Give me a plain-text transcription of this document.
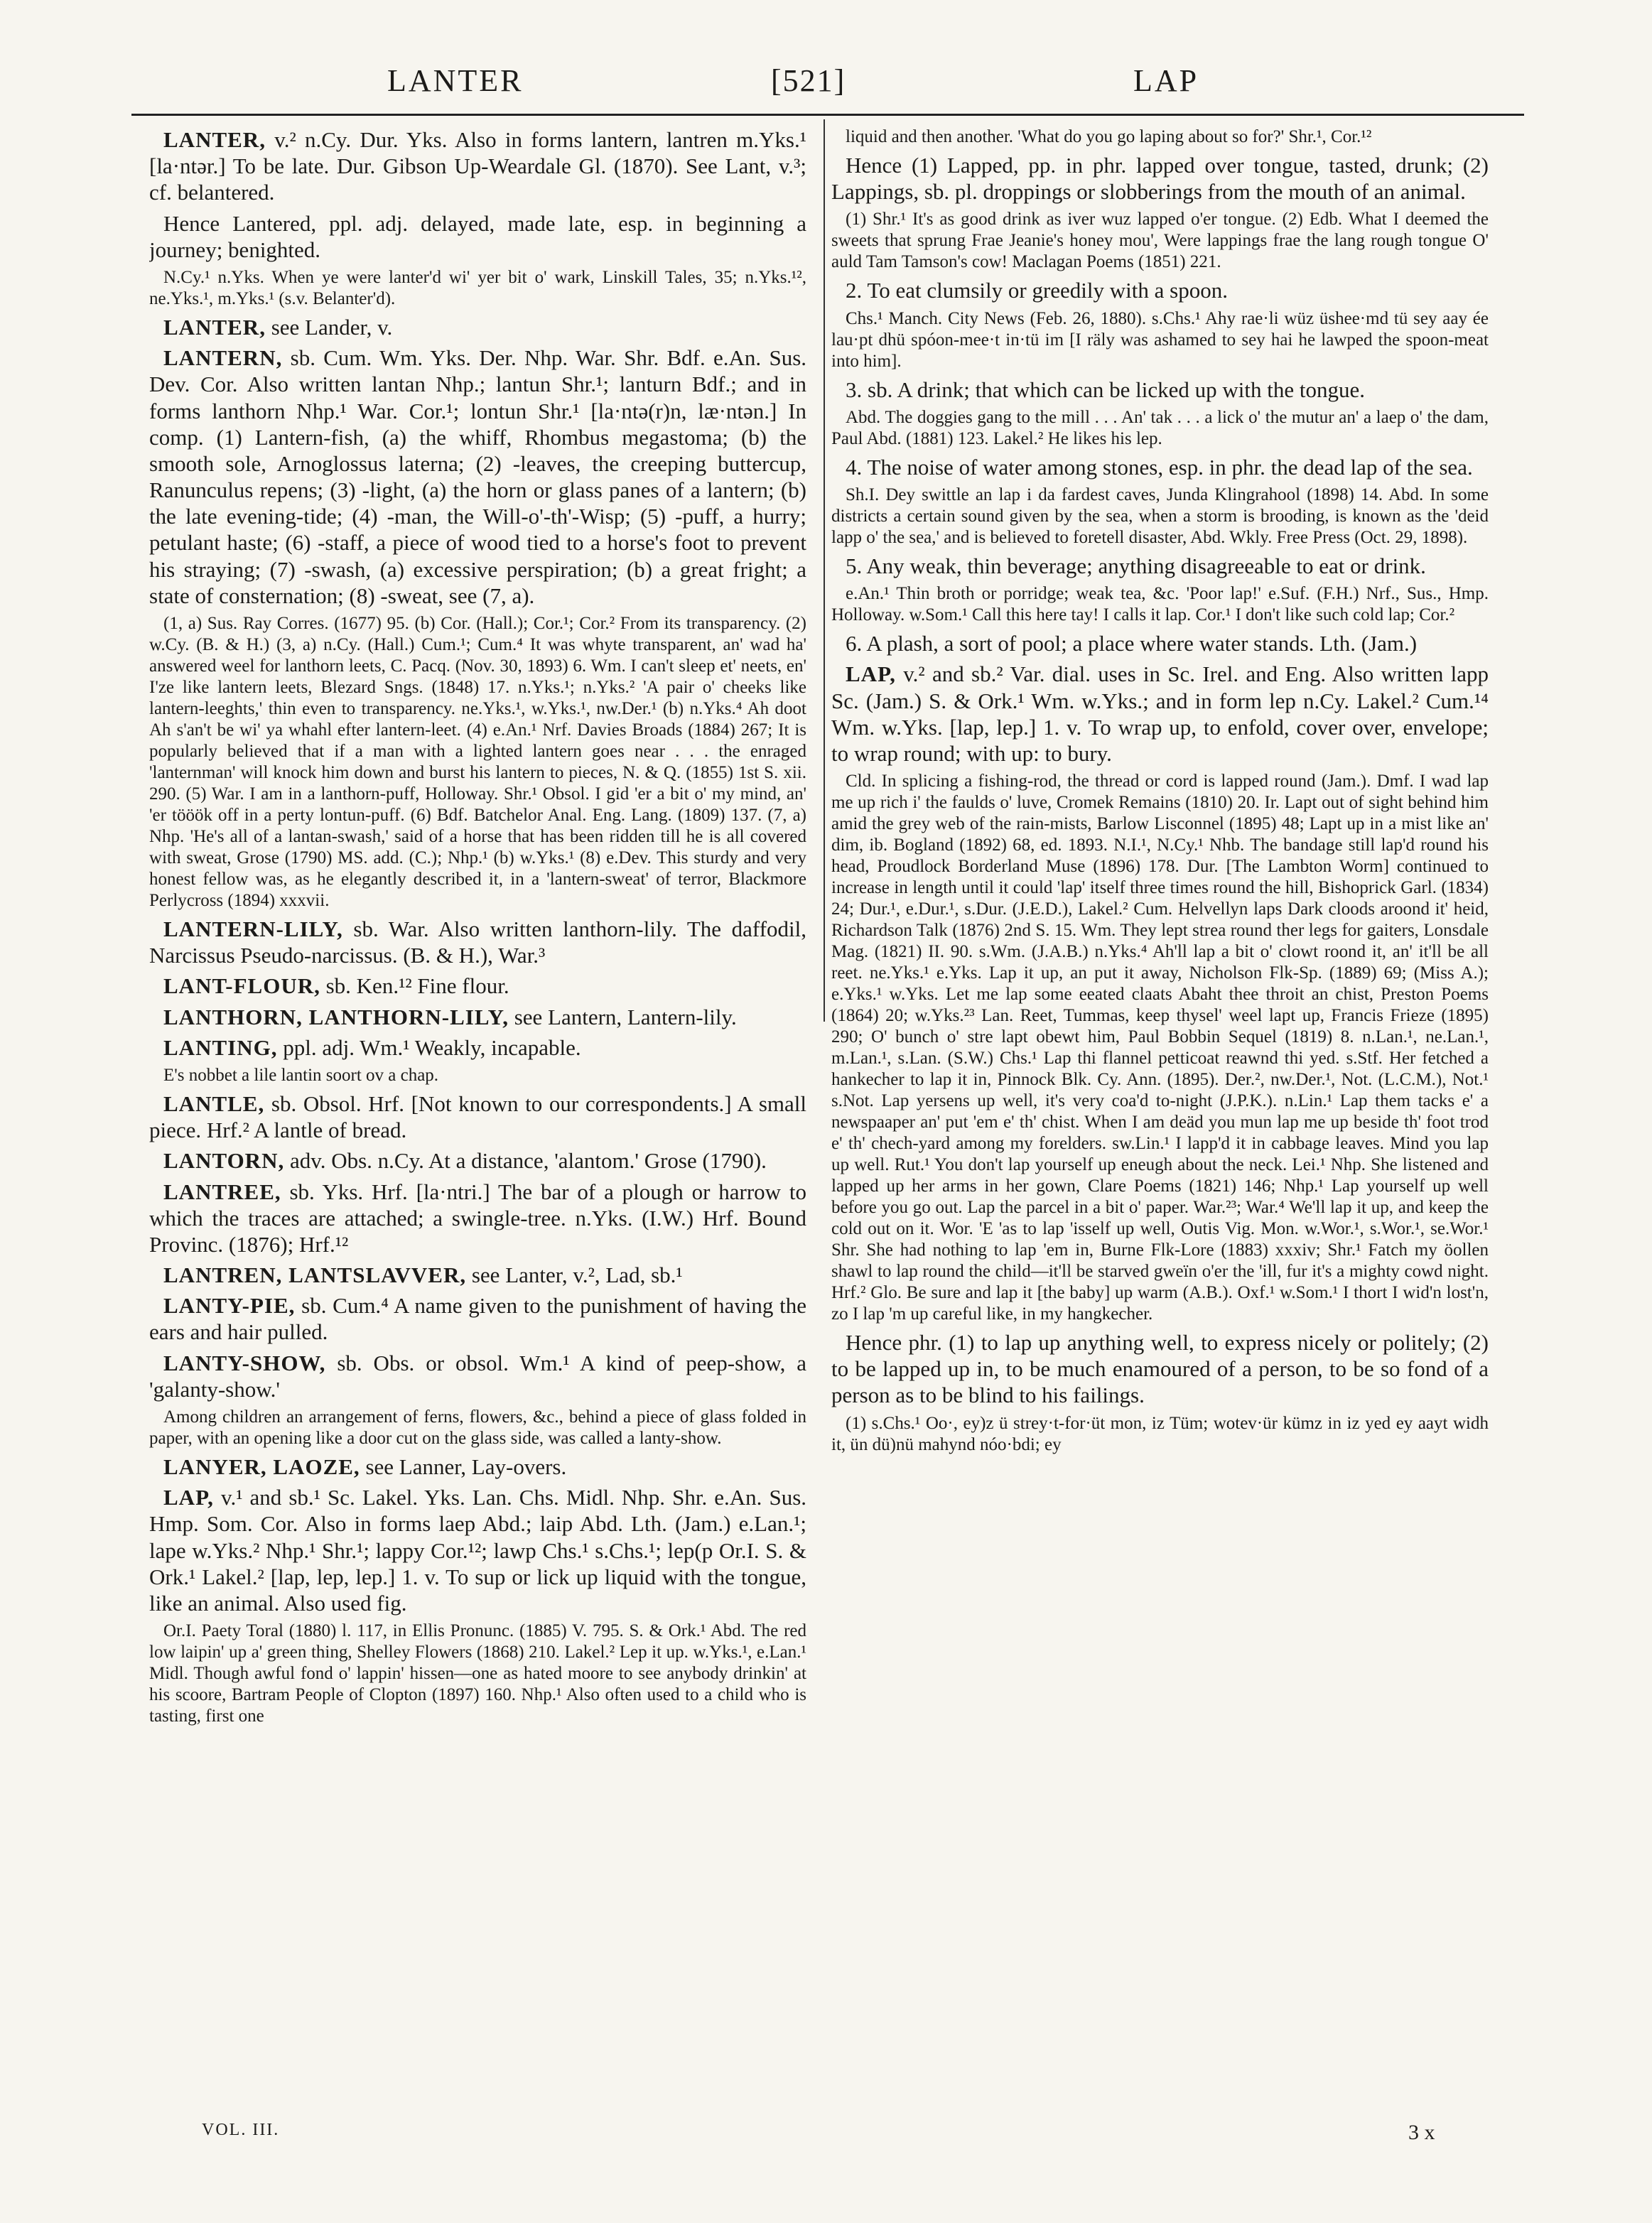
LANTER	[521]	LAP

LANTER, v.² n.Cy. Dur. Yks. Also in forms lantern, lantren m.Yks.¹ [la·ntər.] To be late. Dur. Gibson Up-Weardale Gl. (1870). See Lant, v.³; cf. belantered.

Hence Lantered, ppl. adj. delayed, made late, esp. in beginning a journey; benighted.

N.Cy.¹ n.Yks. When ye were lanter'd wi' yer bit o' wark, Linskill Tales, 35; n.Yks.¹², ne.Yks.¹, m.Yks.¹ (s.v. Belanter'd).

LANTER, see Lander, v.

LANTERN, sb. Cum. Wm. Yks. Der. Nhp. War. Shr. Bdf. e.An. Sus. Dev. Cor. Also written lantan Nhp.; lantun Shr.¹; lanturn Bdf.; and in forms lanthorn Nhp.¹ War. Cor.¹; lontun Shr.¹ [la·ntə(r)n, læ·ntən.] In comp. (1) Lantern-fish, (a) the whiff, Rhombus megastoma; (b) the smooth sole, Arnoglossus laterna; (2) -leaves, the creeping buttercup, Ranunculus repens; (3) -light, (a) the horn or glass panes of a lantern; (b) the late evening-tide; (4) -man, the Will-o'-th'-Wisp; (5) -puff, a hurry; petulant haste; (6) -staff, a piece of wood tied to a horse's foot to prevent his straying; (7) -swash, (a) excessive perspiration; (b) a great fright; a state of consternation; (8) -sweat, see (7, a).

(1, a) Sus. Ray Corres. (1677) 95. (b) Cor. (Hall.); Cor.¹; Cor.² From its transparency. (2) w.Cy. (B. & H.) (3, a) n.Cy. (Hall.) Cum.¹; Cum.⁴ It was whyte transparent, an' wad ha' answered weel for lanthorn leets, C. Pacq. (Nov. 30, 1893) 6. Wm. I can't sleep et' neets, en' I'ze like lantern leets, Blezard Sngs. (1848) 17. n.Yks.¹; n.Yks.² 'A pair o' cheeks like lantern-leeghts,' thin even to transparency. ne.Yks.¹, w.Yks.¹, nw.Der.¹ (b) n.Yks.⁴ Ah doot Ah s'an't be wi' ya whahl efter lantern-leet. (4) e.An.¹ Nrf. Davies Broads (1884) 267; It is popularly believed that if a man with a lighted lantern goes near . . . the enraged 'lanternman' will knock him down and burst his lantern to pieces, N. & Q. (1855) 1st S. xii. 290. (5) War. I am in a lanthorn-puff, Holloway. Shr.¹ Obsol. I gid 'er a bit o' my mind, an' 'er tööök off in a perty lontun-puff. (6) Bdf. Batchelor Anal. Eng. Lang. (1809) 137. (7, a) Nhp. 'He's all of a lantan-swash,' said of a horse that has been ridden till he is all covered with sweat, Grose (1790) MS. add. (C.); Nhp.¹ (b) w.Yks.¹ (8) e.Dev. This sturdy and very honest fellow was, as he elegantly described it, in a 'lantern-sweat' of terror, Blackmore Perlycross (1894) xxxvii.

LANTERN-LILY, sb. War. Also written lanthorn-lily. The daffodil, Narcissus Pseudo-narcissus. (B. & H.), War.³

LANT-FLOUR, sb. Ken.¹² Fine flour.

LANTHORN, LANTHORN-LILY, see Lantern, Lantern-lily.

LANTING, ppl. adj. Wm.¹ Weakly, incapable.

E's nobbet a lile lantin soort ov a chap.

LANTLE, sb. Obsol. Hrf. [Not known to our correspondents.] A small piece. Hrf.² A lantle of bread.

LANTORN, adv. Obs. n.Cy. At a distance, 'alantom.' Grose (1790).

LANTREE, sb. Yks. Hrf. [la·ntri.] The bar of a plough or harrow to which the traces are attached; a swingle-tree. n.Yks. (I.W.) Hrf. Bound Provinc. (1876); Hrf.¹²

LANTREN, LANTSLAVVER, see Lanter, v.², Lad, sb.¹

LANTY-PIE, sb. Cum.⁴ A name given to the punishment of having the ears and hair pulled.

LANTY-SHOW, sb. Obs. or obsol. Wm.¹ A kind of peep-show, a 'galanty-show.'

Among children an arrangement of ferns, flowers, &c., behind a piece of glass folded in paper, with an opening like a door cut on the glass side, was called a lanty-show.

LANYER, LAOZE, see Lanner, Lay-overs.

LAP, v.¹ and sb.¹ Sc. Lakel. Yks. Lan. Chs. Midl. Nhp. Shr. e.An. Sus. Hmp. Som. Cor. Also in forms laep Abd.; laip Abd. Lth. (Jam.) e.Lan.¹; lape w.Yks.² Nhp.¹ Shr.¹; lappy Cor.¹²; lawp Chs.¹ s.Chs.¹; lep(p Or.I. S. & Ork.¹ Lakel.² [lap, lep, lep.] 1. v. To sup or lick up liquid with the tongue, like an animal. Also used fig.

Or.I. Paety Toral (1880) l. 117, in Ellis Pronunc. (1885) V. 795. S. & Ork.¹ Abd. The red low laipin' up a' green thing, Shelley Flowers (1868) 210. Lakel.² Lep it up. w.Yks.¹, e.Lan.¹ Midl. Though awful fond o' lappin' hissen—one as hated moore to see anybody drinkin' at his scoore, Bartram People of Clopton (1897) 160. Nhp.¹ Also often used to a child who is tasting, first one

liquid and then another. 'What do you go laping about so for?' Shr.¹, Cor.¹²

Hence (1) Lapped, pp. in phr. lapped over tongue, tasted, drunk; (2) Lappings, sb. pl. droppings or slobberings from the mouth of an animal.

(1) Shr.¹ It's as good drink as iver wuz lapped o'er tongue. (2) Edb. What I deemed the sweets that sprung Frae Jeanie's honey mou', Were lappings frae the lang rough tongue O' auld Tam Tamson's cow! Maclagan Poems (1851) 221.

2. To eat clumsily or greedily with a spoon.

Chs.¹ Manch. City News (Feb. 26, 1880). s.Chs.¹ Ahy rae·li wüz üshee·md tü sey aay ée lau·pt dhü spóon-mee·t in·tü im [I räly was ashamed to sey hai he lawped the spoon-meat into him].

3. sb. A drink; that which can be licked up with the tongue.

Abd. The doggies gang to the mill . . . An' tak . . . a lick o' the mutur an' a laep o' the dam, Paul Abd. (1881) 123. Lakel.² He likes his lep.

4. The noise of water among stones, esp. in phr. the dead lap of the sea.

Sh.I. Dey swittle an lap i da fardest caves, Junda Klingrahool (1898) 14. Abd. In some districts a certain sound given by the sea, when a storm is brooding, is known as the 'deid lapp o' the sea,' and is believed to foretell disaster, Abd. Wkly. Free Press (Oct. 29, 1898).

5. Any weak, thin beverage; anything disagreeable to eat or drink.

e.An.¹ Thin broth or porridge; weak tea, &c. 'Poor lap!' e.Suf. (F.H.) Nrf., Sus., Hmp. Holloway. w.Som.¹ Call this here tay! I calls it lap. Cor.¹ I don't like such cold lap; Cor.²

6. A plash, a sort of pool; a place where water stands. Lth. (Jam.)

LAP, v.² and sb.² Var. dial. uses in Sc. Irel. and Eng. Also written lapp Sc. (Jam.) S. & Ork.¹ Wm. w.Yks.; and in form lep n.Cy. Lakel.² Cum.¹⁴ Wm. w.Yks. [lap, lep.] 1. v. To wrap up, to enfold, cover over, envelope; to wrap round; with up: to bury.

Cld. In splicing a fishing-rod, the thread or cord is lapped round (Jam.). Dmf. I wad lap me up rich i' the faulds o' luve, Cromek Remains (1810) 20. Ir. Lapt out of sight behind him amid the grey web of the rain-mists, Barlow Lisconnel (1895) 48; Lapt up in a mist like an' dim, ib. Bogland (1892) 68, ed. 1893. N.I.¹, N.Cy.¹ Nhb. The bandage still lap'd round his head, Proudlock Borderland Muse (1896) 178. Dur. [The Lambton Worm] continued to increase in length until it could 'lap' itself three times round the hill, Bishoprick Garl. (1834) 24; Dur.¹, e.Dur.¹, s.Dur. (J.E.D.), Lakel.² Cum. Helvellyn laps Dark cloods aroond it' heid, Richardson Talk (1876) 2nd S. 15. Wm. They lept strea round ther legs for gaiters, Lonsdale Mag. (1821) II. 90. s.Wm. (J.A.B.) n.Yks.⁴ Ah'll lap a bit o' clowt roond it, an' it'll be all reet. ne.Yks.¹ e.Yks. Lap it up, an put it away, Nicholson Flk-Sp. (1889) 69; (Miss A.); e.Yks.¹ w.Yks. Let me lap some eeated claats Abaht thee throit an chist, Preston Poems (1864) 20; w.Yks.²³ Lan. Reet, Tummas, keep thysel' weel lapt up, Francis Frieze (1895) 290; O' bunch o' stre lapt obewt him, Paul Bobbin Sequel (1819) 8. n.Lan.¹, ne.Lan.¹, m.Lan.¹, s.Lan. (S.W.) Chs.¹ Lap thi flannel petticoat reawnd thi yed. s.Stf. Her fetched a hankecher to lap it in, Pinnock Blk. Cy. Ann. (1895). Der.², nw.Der.¹, Not. (L.C.M.), Not.¹ s.Not. Lap yersens up well, it's very coa'd to-night (J.P.K.). n.Lin.¹ Lap them tacks e' a newspaaper an' put 'em e' th' chist. When I am deäd you mun lap me up beside th' foot trod e' th' chech-yard among my forelders. sw.Lin.¹ I lapp'd it in cabbage leaves. Mind you lap up well. Rut.¹ You don't lap yourself up eneugh about the neck. Lei.¹ Nhp. She listened and lapped up her arms in her gown, Clare Poems (1821) 146; Nhp.¹ Lap yourself up well before you go out. Lap the parcel in a bit o' paper. War.²³; War.⁴ We'll lap it up, and keep the cold out on it. Wor. 'E 'as to lap 'isself up well, Outis Vig. Mon. w.Wor.¹, s.Wor.¹, se.Wor.¹ Shr. She had nothing to lap 'em in, Burne Flk-Lore (1883) xxxiv; Shr.¹ Fatch my öollen shawl to lap round the child—it'll be starved gweïn o'er the 'ill, fur it's a mighty cowd night. Hrf.² Glo. Be sure and lap it [the baby] up warm (A.B.). Oxf.¹ w.Som.¹ I thort I wid'n lost'n, zo I lap 'm up careful like, in my hangkecher.

Hence phr. (1) to lap up anything well, to express nicely or politely; (2) to be lapped up in, to be much enamoured of a person, to be so fond of a person as to be blind to his failings.

(1) s.Chs.¹ Oo·, ey)z ü strey·t-for·üt mon, iz Tüm; wotev·ür kümz in iz yed ey aayt widh it, ün dü)nü mahynd nóo·bdi; ey

VOL. III.	3 x
